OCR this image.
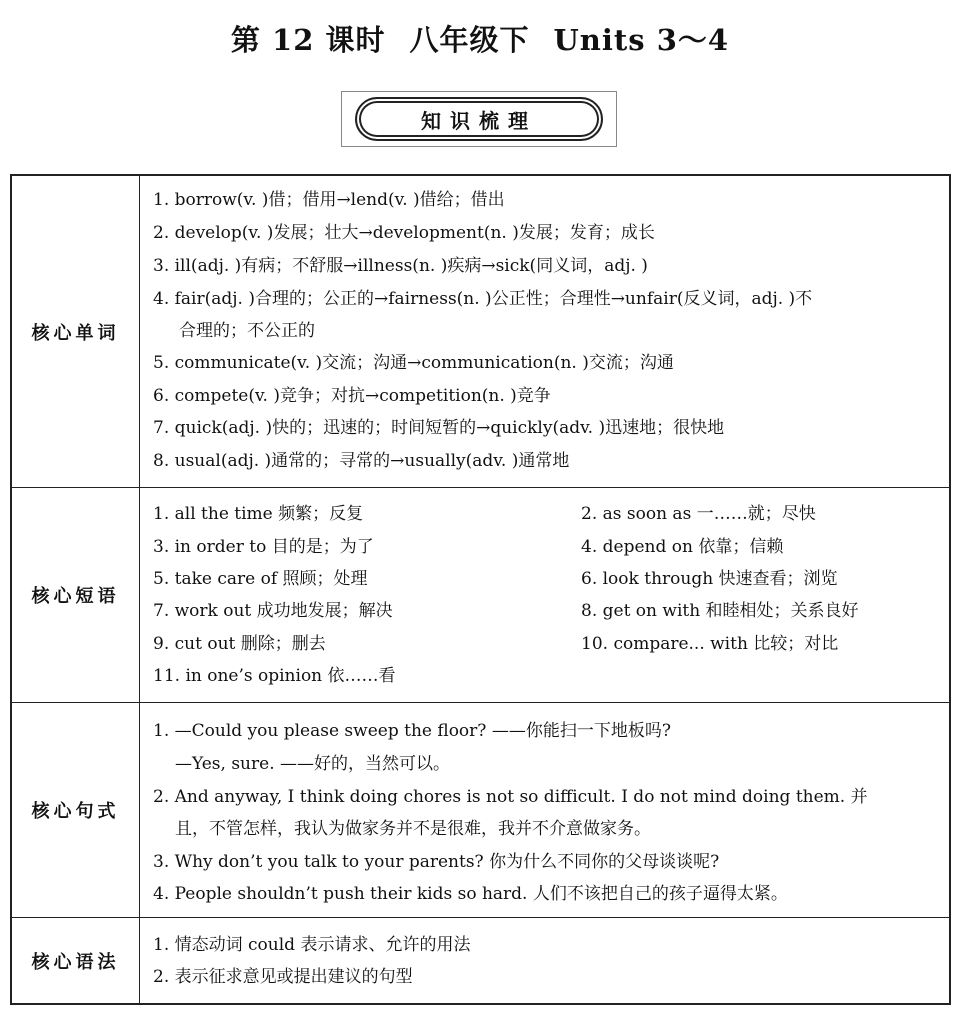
第 12 课时 八年级下 Units 3～4
知识梳理
核心单词
1. borrow(v. )借；借用→lend(v. )借给；借出
2. develop(v. )发展；壮大→development(n. )发展；发育；成长
3. ill(adj. )有病；不舒服→illness(n. )疾病→sick(同义词，adj. )
4. fair(adj. )合理的；公正的→fairness(n. )公正性；合理性→unfair(反义词，adj. )不
合理的；不公正的
5. communicate(v. )交流；沟通→communication(n. )交流；沟通
6. compete(v. )竞争；对抗→competition(n. )竞争
7. quick(adj. )快的；迅速的；时间短暂的→quickly(adv. )迅速地；很快地
8. usual(adj. )通常的；寻常的→usually(adv. )通常地
核心短语
1. all the time 频繁；反复	2. as soon as 一……就；尽快
3. in order to 目的是；为了	4. depend on 依靠；信赖
5. take care of 照顾；处理	6. look through 快速查看；浏览
7. work out 成功地发展；解决	8. get on with 和睦相处；关系良好
9. cut out 删除；删去	10. compare... with 比较；对比
11. in one’s opinion 依……看
核心句式
1. —Could you please sweep the floor? ——你能扫一下地板吗?
—Yes, sure. ——好的，当然可以。
2. And anyway, I think doing chores is not so difficult. I do not mind doing them. 并
且，不管怎样，我认为做家务并不是很难，我并不介意做家务。
3. Why don’t you talk to your parents? 你为什么不同你的父母谈谈呢?
4. People shouldn’t push their kids so hard. 人们不该把自己的孩子逼得太紧。
核心语法
1. 情态动词 could 表示请求、允许的用法
2. 表示征求意见或提出建议的句型
